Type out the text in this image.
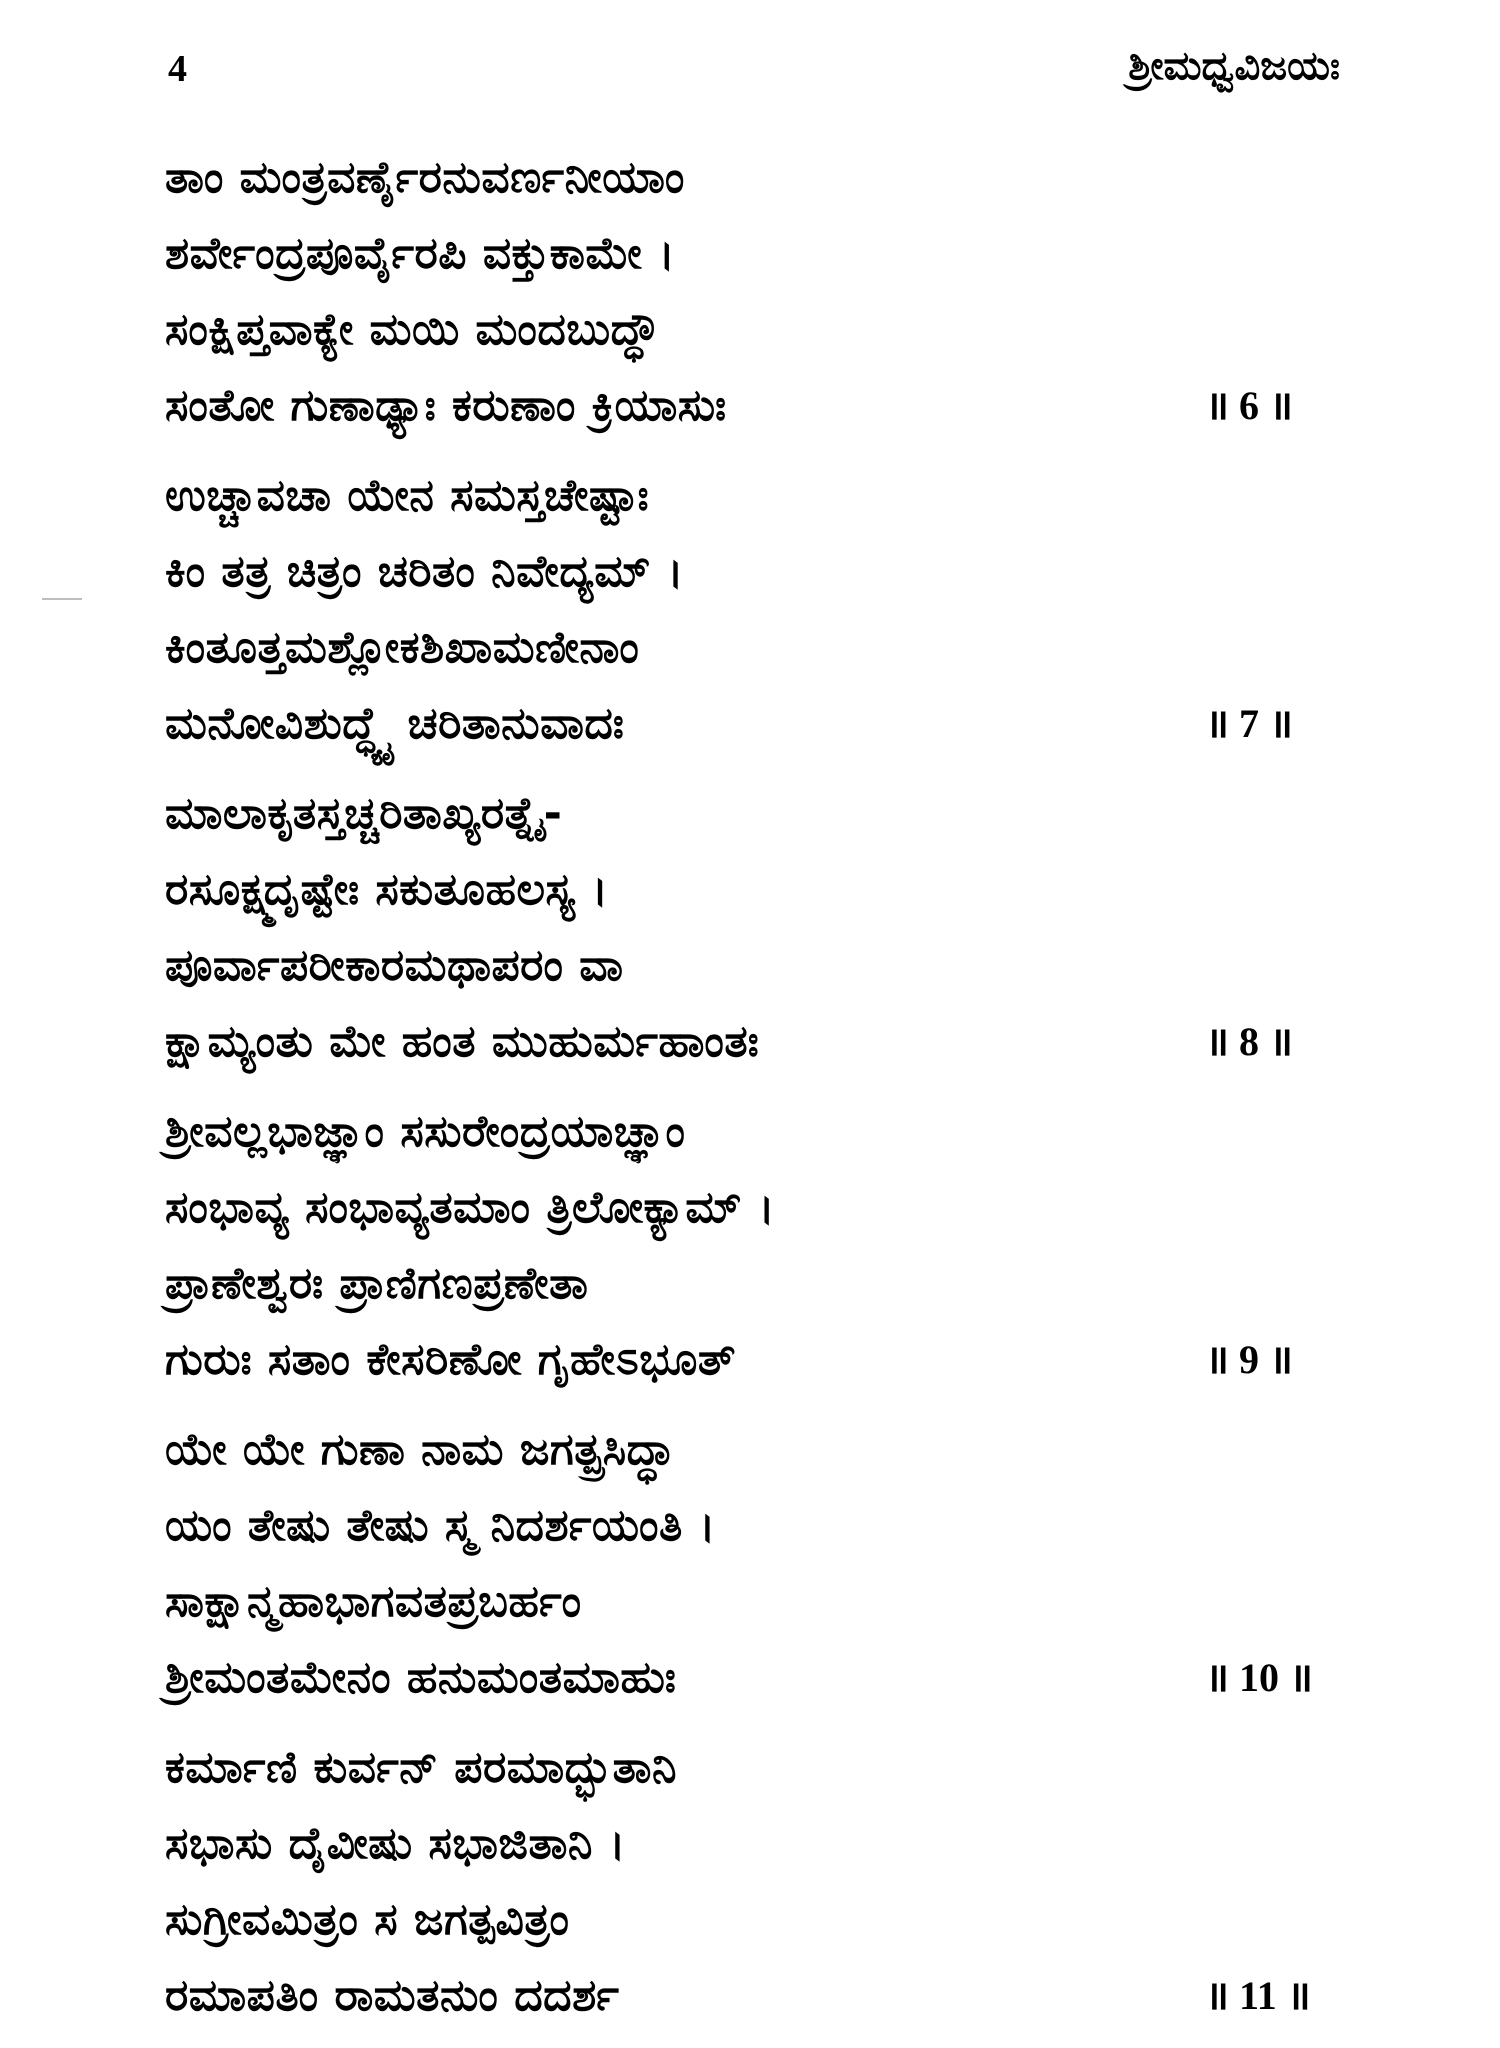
4	ಶ್ರೀಮಧ್ವವಿಜಯಃ
ತಾಂ ಮಂತ್ರವರ್ಣೈರನುವರ್ಣನೀಯಾಂ
ಶರ್ವೇಂದ್ರಪೂರ್ವೈರಪಿ ವಕ್ತುಕಾಮೇ ।
ಸಂಕ್ಷಿಪ್ತವಾಕ್ಯೇ ಮಯಿ ಮಂದಬುದ್ಧೌ
ಸಂತೋ ಗುಣಾಢ್ಯಾಃ ಕರುಣಾಂ ಕ್ರಿಯಾಸುಃ	॥ 6 ॥
ಉಚ್ಚಾವಚಾ ಯೇನ ಸಮಸ್ತಚೇಷ್ಟಾಃ
ಕಿಂ ತತ್ರ ಚಿತ್ರಂ ಚರಿತಂ ನಿವೇದ್ಯಮ್ ।
ಕಿಂತೂತ್ತಮಶ್ಲೋಕಶಿಖಾಮಣೀನಾಂ
ಮನೋವಿಶುದ್ಧ್ಯೈ ಚರಿತಾನುವಾದಃ	॥ 7 ॥
ಮಾಲಾಕೃತಸ್ತಚ್ಚರಿತಾಖ್ಯರತ್ನೈ-
ರಸೂಕ್ಷ್ಮದೃಷ್ಟೇಃ ಸಕುತೂಹಲಸ್ಯ ।
ಪೂರ್ವಾಪರೀಕಾರಮಥಾಪರಂ ವಾ
ಕ್ಷಾಮ್ಯಂತು ಮೇ ಹಂತ ಮುಹುರ್ಮಹಾಂತಃ	॥ 8 ॥
ಶ್ರೀವಲ್ಲಭಾಜ್ಞಾಂ ಸಸುರೇಂದ್ರಯಾಚ್ಞಾಂ
ಸಂಭಾವ್ಯ ಸಂಭಾವ್ಯತಮಾಂ ತ್ರಿಲೋಕ್ಯಾಮ್ ।
ಪ್ರಾಣೇಶ್ವರಃ ಪ್ರಾಣಿಗಣಪ್ರಣೇತಾ
ಗುರುಃ ಸತಾಂ ಕೇಸರಿಣೋ ಗೃಹೇಽಭೂತ್	॥ 9 ॥
ಯೇ ಯೇ ಗುಣಾ ನಾಮ ಜಗತ್ಪ್ರಸಿದ್ಧಾ
ಯಂ ತೇಷು ತೇಷು ಸ್ಮ ನಿದರ್ಶಯಂತಿ ।
ಸಾಕ್ಷಾನ್ಮಹಾಭಾಗವತಪ್ರಬರ್ಹಂ
ಶ್ರೀಮಂತಮೇನಂ ಹನುಮಂತಮಾಹುಃ	॥ 10 ॥
ಕರ್ಮಾಣಿ ಕುರ್ವನ್ ಪರಮಾದ್ಭುತಾನಿ
ಸಭಾಸು ದೈವೀಷು ಸಭಾಜಿತಾನಿ ।
ಸುಗ್ರೀವಮಿತ್ರಂ ಸ ಜಗತ್ಪವಿತ್ರಂ
ರಮಾಪತಿಂ ರಾಮತನುಂ ದದರ್ಶ	॥ 11 ॥
